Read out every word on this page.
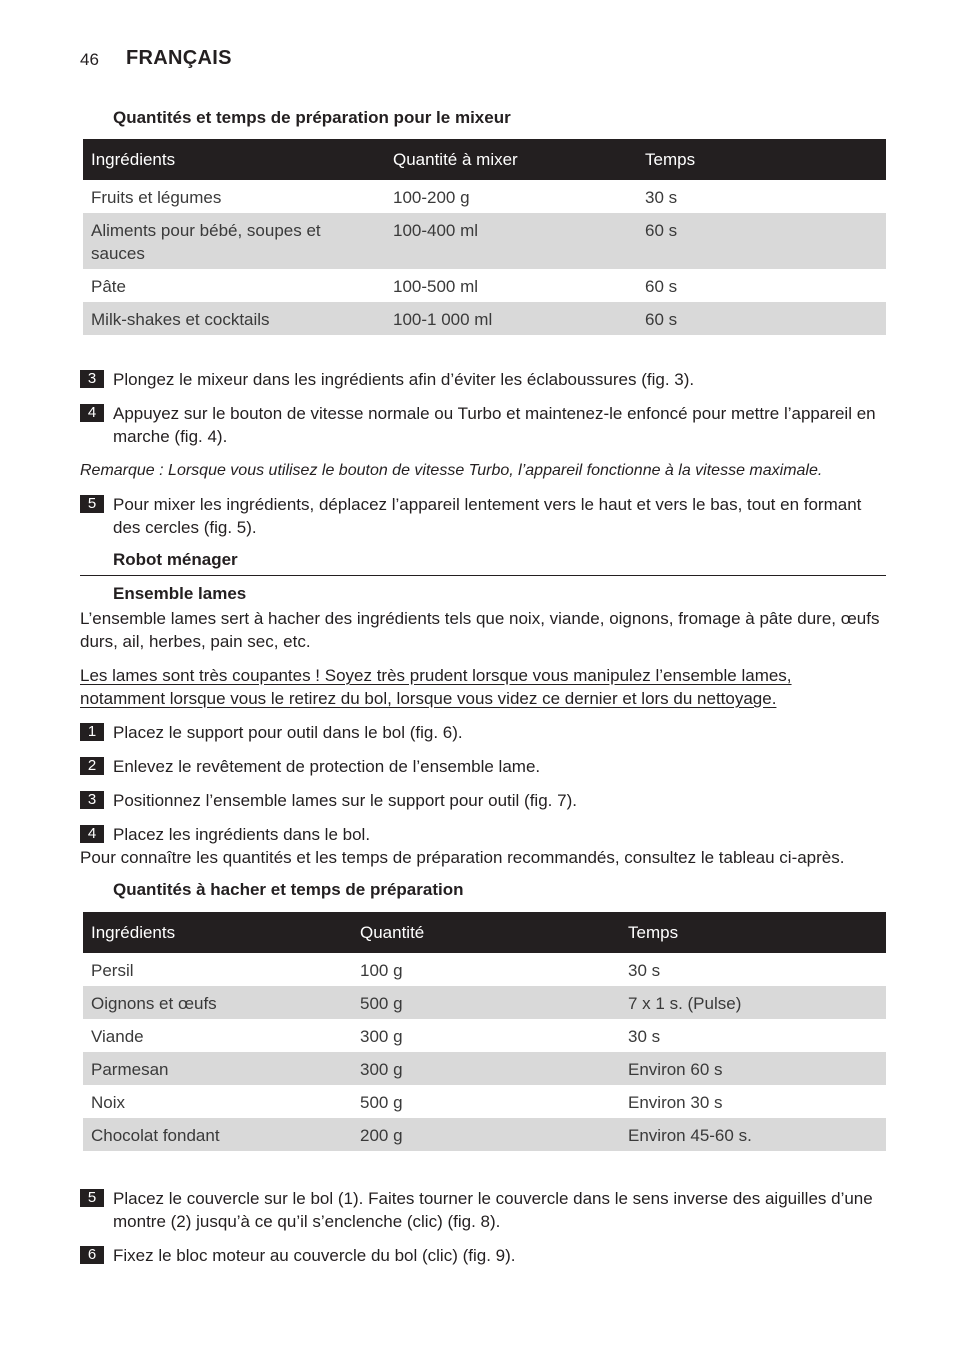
46 FRANÇAIS
Quantités et temps de préparation pour le mixeur
Ingrédients	Quantité à mixer	Temps
Fruits et légumes	100-200 g	30 s
Aliments pour bébé, soupes et sauces	100-400 ml	60 s
Pâte	100-500 ml	60 s
Milk-shakes et cocktails	100-1 000 ml	60 s
3 Plongez le mixeur dans les ingrédients afin d’éviter les éclaboussures (fig. 3).
4 Appuyez sur le bouton de vitesse normale ou Turbo et maintenez-le enfoncé pour mettre l’appareil en marche (fig. 4).
Remarque : Lorsque vous utilisez le bouton de vitesse Turbo, l’appareil fonctionne à la vitesse maximale.
5 Pour mixer les ingrédients, déplacez l’appareil lentement vers le haut et vers le bas, tout en formant des cercles (fig. 5).
Robot ménager
Ensemble lames
L’ensemble lames sert à hacher des ingrédients tels que noix, viande, oignons, fromage à pâte dure, œufs durs, ail, herbes, pain sec, etc.
Les lames sont très coupantes ! Soyez très prudent lorsque vous manipulez l’ensemble lames, notamment lorsque vous le retirez du bol, lorsque vous videz ce dernier et lors du nettoyage.
1 Placez le support pour outil dans le bol (fig. 6).
2 Enlevez le revêtement de protection de l’ensemble lame.
3 Positionnez l’ensemble lames sur le support pour outil (fig. 7).
4 Placez les ingrédients dans le bol.
Pour connaître les quantités et les temps de préparation recommandés, consultez le tableau ci-après.
Quantités à hacher et temps de préparation
Ingrédients	Quantité	Temps
Persil	100 g	30 s
Oignons et œufs	500 g	7 x 1 s. (Pulse)
Viande	300 g	30 s
Parmesan	300 g	Environ 60 s
Noix	500 g	Environ 30 s
Chocolat fondant	200 g	Environ 45-60 s.
5 Placez le couvercle sur le bol (1). Faites tourner le couvercle dans le sens inverse des aiguilles d’une montre (2) jusqu’à ce qu’il s’enclenche (clic) (fig. 8).
6 Fixez le bloc moteur au couvercle du bol (clic) (fig. 9).
